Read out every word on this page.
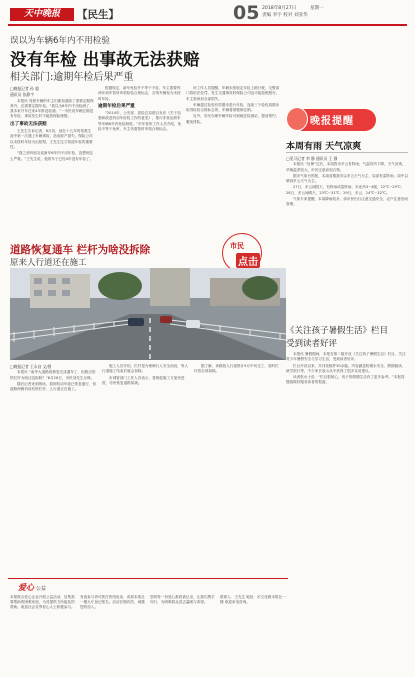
天中晚报	【民生】	05 2018年8月27日	星期一
责编 李宇 校对 刘亚华
误以为车辆6年内不用检验
没有年检 出事故无法获赔
相关部门:逾期年检后果严重

□晚报记者 孙 超

通讯员 张静宇

本报讯 驾驶车辆的车主们都知道除了需要定期保养外，还需要定期年检。“我以为6年内不用检测了，我本来开车过来4年都没检测。”一市民说车辆过期没有年检，事故发生时不能按保险理赔。

出了事故无法获赔

王先生告诉记者，8月初，他在十几年的驾驶生涯中第一次遇上车辆事故，造成财产损失。保险公司以未按时年检为由拒赔，王先生这才知道年检的重要性。

“我之前听朋友说新车6年内不用年检，没想到这么严重。”王先生说，他的车子已经4年没有年检了。

根据规定，新车免检并不等于不检，车主需要每两年到车管所申领检验合格标志，否则车辆视为未按时年检。

逾期年检后果严重

“2014年，公安部、质检总局联合发布《关于加强和改进机动车检验工作的意见》，推行非营运轿车等车辆6年内免检制度。”市车管所工作人员介绍，免检不等于免审，车主仍需按时申领合格标志。

该工作人员提醒，车辆未按规定年检上路行驶，交警部门将依法处罚，发生交通事故时保险公司也可能拒绝赔付，车主需承担全部损失。

车辆超过检验有效期未进行年检，连续三个检验周期未取得检验合格标志的，车辆将被强制注销。

另外，市民办理车辆年检可到就近检测站，提前预约，避免排队。	晚报提醒
本周有雨 天气凉爽

□见习记者 李 静 通讯员 王 静

本报讯 “处暑”过后，本周我市多云有阵雨，气温有所下降，天气凉爽，早晚温差较大，市民注意添加衣物。

据市气象台预报，本周前期我市以多云天气为主，局部有雷阵雨；周中以晴到多云天气为主。

27日，多云间阴天，有阵雨或雷阵雨，东北风3~4级，22℃~29℃；28日，多云间晴天，23℃~31℃；29日，多云，24℃~32℃。

气象专家提醒，本周降雨较多，请市民出行注意交通安全，农户注意田间管理。

《关注孩子暑假生活》栏目
受到读者好评

本报讯 暑假期间，本报在第二版开设《关注孩子暑假生活》栏目，关注青少年暑假安全与学习生活，受到读者好评。

栏目开设以来，共刊发稿件30余篇，内容涵盖防溺水安全、假期阅读、研学旅行等，不少家长表示从中获得了很多实用建议。

读者张女士说：“栏目很贴心，孩子的假期生活有了更多参考。”本报将继续做好服务读者的报道。

道路恢复通车 栏杆为啥没拆除
原来人行道还在施工
市民
点击

□晚报记者 王永昌 文/图

本报讯 “南华大道路段修复完成通车了，但路边的铁栏杆为啥还没拆除？”8月26日，市民刘先生反映。

随后记者来到现场，看到机动车道已恢复通行，但道路两侧仍设有铁栏杆，人行道正在施工。

施工人员介绍，栏杆是为保障行人安全而设，等人行道施工结束后就会拆除。

市城管部门工作人员表示，将督促施工方加快进度，尽快恢复道路原貌。

据了解，该路段人行道预计9月中旬完工，届时栏杆将全部拆除。

爱心 公益

本报联合爱心企业开展公益活动，征集需要帮助的困难家庭，为其提供力所能及的帮助。欢迎社会各界爱心人士积极参与。

有意参与者可拨打热线电话，或到本报社一楼大厅登记报名。活动长期有效，诚邀您的加入。

您的每一份爱心都将被记录，让我们携手同行，为困难群众送去温暖与希望。

联系人：王先生 地址：市文化路本报社一楼 欢迎来电咨询。
